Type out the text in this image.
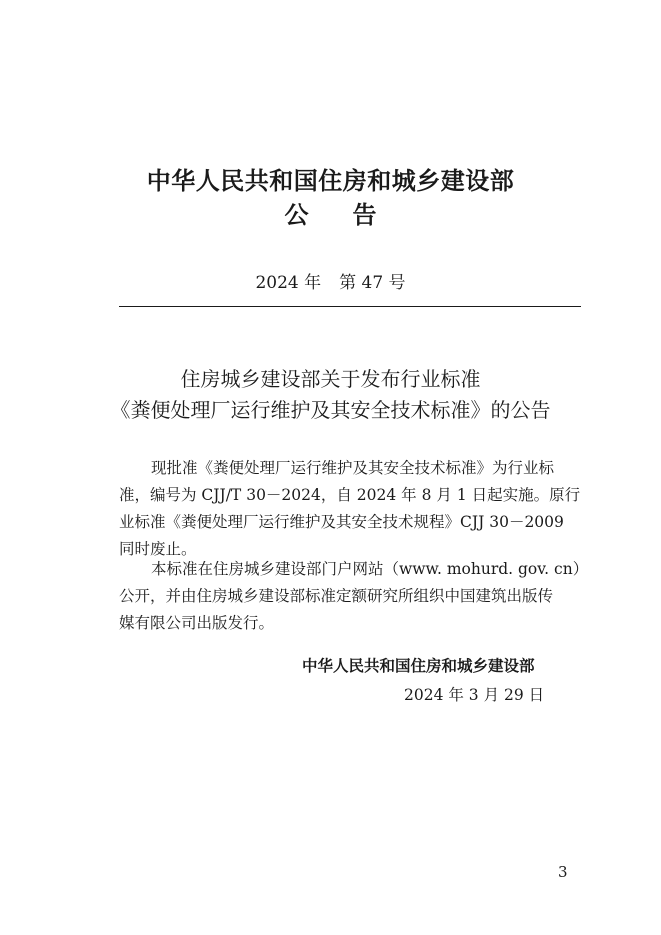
中华人民共和国住房和城乡建设部
公 告
2024 年 第 47 号
住房城乡建设部关于发布行业标准
《粪便处理厂运行维护及其安全技术标准》的公告
现批准《粪便处理厂运行维护及其安全技术标准》为行业标
准，编号为 CJJ/T 30－2024，自 2024 年 8 月 1 日起实施。原行
业标准《粪便处理厂运行维护及其安全技术规程》CJJ 30－2009
同时废止。
本标准在住房城乡建设部门户网站（www. mohurd. gov. cn）
公开，并由住房城乡建设部标准定额研究所组织中国建筑出版传
媒有限公司出版发行。
中华人民共和国住房和城乡建设部
2024 年 3 月 29 日
3
